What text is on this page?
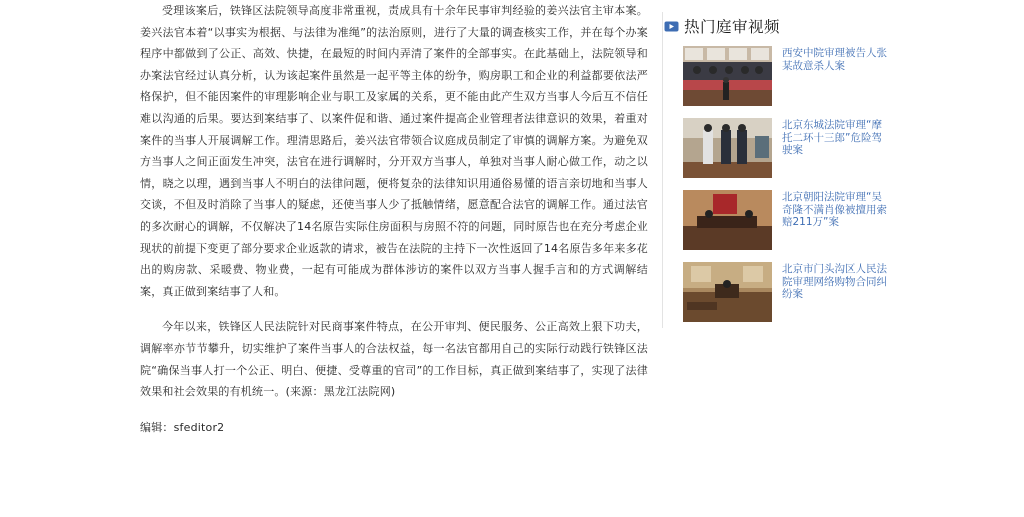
受理该案后，铁锋区法院领导高度非常重视，责成具有十余年民事审判经验的姜兴法官主审本案。姜兴法官本着“以事实为根据、与法律为准绳”的法治原则，进行了大量的调查核实工作，并在每个办案程序中都做到了公正、高效、快捷，在最短的时间内弄清了案件的全部事实。在此基础上，法院领导和办案法官经过认真分析，认为该起案件虽然是一起平等主体的纷争，购房职工和企业的利益都要依法严格保护，但不能因案件的审理影响企业与职工及家属的关系，更不能由此产生双方当事人今后互不信任难以沟通的后果。要达到案结事了、以案件促和谐、通过案件提高企业管理者法律意识的效果，着重对案件的当事人开展调解工作。理清思路后，姜兴法官带领合议庭成员制定了审慎的调解方案。为避免双方当事人之间正面发生冲突，法官在进行调解时，分开双方当事人，单独对当事人耐心做工作，动之以情，晓之以理，遇到当事人不明白的法律问题，便将复杂的法律知识用通俗易懂的语言亲切地和当事人交谈，不但及时消除了当事人的疑虑，还使当事人少了抵触情绪，愿意配合法官的调解工作。通过法官的多次耐心的调解，不仅解决了14名原告实际住房面积与房照不符的问题，同时原告也在充分考虑企业现状的前提下变更了部分要求企业返款的请求，被告在法院的主持下一次性返回了14名原告多年来多花出的购房款、采暖费、物业费，一起有可能成为群体涉访的案件以双方当事人握手言和的方式调解结案，真正做到案结事了人和。

今年以来，铁锋区人民法院针对民商事案件特点，在公开审判、便民服务、公正高效上狠下功夫，调解率亦节节攀升，切实维护了案件当事人的合法权益，每一名法官都用自己的实际行动践行铁锋区法院“确保当事人打一个公正、明白、便捷、受尊重的官司”的工作目标，真正做到案结事了，实现了法律效果和社会效果的有机统一。(来源：黑龙江法院网)

编辑：sfeditor2

热门庭审视频
西安中院审理被告人张某故意杀人案
北京东城法院审理“摩托二环十三郎”危险驾驶案
北京朝阳法院审理“吴奇隆不满肖像被擅用索赔211万”案
北京市门头沟区人民法院审理网络购物合同纠纷案
